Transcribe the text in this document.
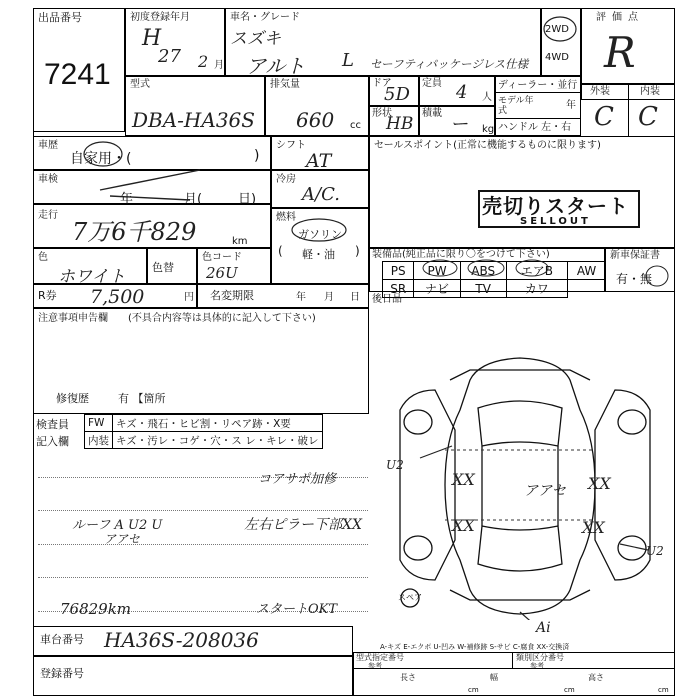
出品番号
7241
初度登録年月
H
27 2 月
車名・グレード
スズキ
アルト L セーフティパッケージレス仕様
2WD
4WD
評価点
R
外装	内装
C C
型式
DBA-HA36S
排気量
660 cc
ドア
5D
定員 4 人
形状
HB
積載
ー kg
ディーラー・並行
モデル年式	年
ハンドル 左・右
車歴
自家用・(	)
車検
年	月(	日)
走行
7万6千829	km
色
ホワイト 色替
色コード
26U
シフト
AT
冷房
A/C.
燃料
ガソリン
( 軽・油 )
セールスポイント(正常に機能するものに限ります)
売切りスタート
SELLOUT
装備品(純正品に限り〇をつけて下さい)
PS	PW	ABS	エアB	AW
SR	ナビ	TV	カワ	
新車保証書
有・無
後日品
R券 7,500	円 名変期限	年 月 日
注意事項申告欄 (不具合内容等は具体的に記入して下さい)
修復歴	有 【箇所
検査員
記入欄
FW	キズ・飛石・ヒビ割・リペア跡・X要
内装	キズ・汚レ・コゲ・穴・ス レ・キレ・破レ
コアサポ加修
左右ピラー下部XX
ルーフ A U2 U
アアセ
76829km	スタートOKT
XX
XX
XX
XX
アアセ
U2
U2
Ai
スペア
A-キズ E-エクボ U-凹み W-補修跡 S-サビ C-腐食 XX-交換済
車台番号 HA36S-208036
登録番号
型式指定番号
参考
類別区分番号
参考
長さ
cm
幅
cm
高さ
cm
